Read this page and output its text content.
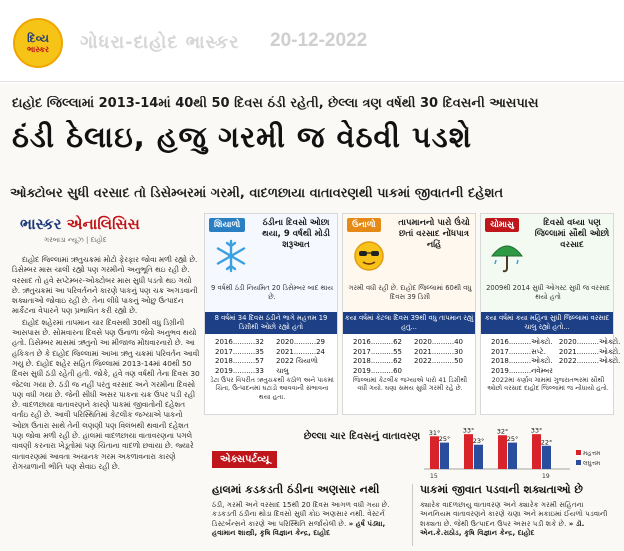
દિવ્ય
ભાસ્કર ગોધરા-દાહોદ ભાસ્કર 20-12-2022
દાહોદ જિલ્લામાં 2013-14માં 40થી 50 દિવસ ઠંડી રહેતી, છેલ્લા ત્રણ વર્ષથી 30 દિવસની આસપાસ
ઠંડી ઠેલાઇ, હજુ ગરમી જ વેઠવી પડશે
ઓક્ટોબર સુધી વરસાદ તો ડિસેમ્બરમાં ગરમી, વાદળછાયા વાતાવરણથી પાકમાં જીવાતની દહેશત
ભાસ્કર એનાલિસિસ
ગરબાડા ન્યૂઝ | દાહોદ

દાહોદ જિલ્લામાં ઋતુચક્રમાં મોટો ફેરફાર જોવા મળી રહ્યો છે. ડિસેમ્બર માસ ચાલી રહ્યો પણ ગરમીનો અનુભૂતિ થઇ રહી છે. વરસાદ તો હવે સપ્ટેમ્બર-ઓક્ટોબર માસ સુધી પડતો થઇ ગયો છે. ઋતુચક્રમાં આ પરિવર્તનને કારણે પાકનું પણ ચક્ર અગડવાની શક્યતાઓ જોવાઇ રહી છે. તેના લીધે પાકનું ઓછુ ઉત્પાદન માર્કેટના વેપારને પણ પ્રભાવિત કરી રહ્યો છે.

દાહોદ શહેરમાં તાપમાન ચાર દિવસથી 30થી વધુ ડિગ્રીની આસપાસ છે. સોમવારના દિવસે પણ ઉનાળા જેવો અનુભવ થયો હતો. ડિસેમ્બર માસમાં ઋતુનો આ મીજાજ મોંઘવારનારો છે. આ હકિકત છે કે દાહોદ જિલ્લામાં આખા ઋતુ ચક્રમાં પરિવર્તન આવી ગયુ છે. દાહોદ શહેર સહિત જિલ્લામાં 2013-14માં 40થી 50 દિવસ સુધી ઠંડી રહેતી હતી. જોકે, હવે ત્રણ વર્ષથી તેના દિવસ 30 જેટલા ગયા છે. ઠંડી જ નહીં પરંતુ વરસાદ અને ગરમીના દિવસો પણ વધી ગયા છે. જેની સીધી અસર પાકના ચક્ર ઉપર પડી રહી છે. વાદળછાયા વાતાવરણને કારણે પાકમાં જીવાતોની દહેશત વર્તાઇ રહી છે. આવી પરિસ્થિતિમાં કેટલીક જગ્યાએ પાકનો ઓછા ઉતારા સાથે તેની લણણી પણ વિલંબથી થવાની દહેશત પણ જોવા મળી રહી છે. હાલમાં વાદળછાયા વાતાવરણના પગલે વાવણી કરનારા ખેડૂતોમાં પણ ચિંતાના વાદળો છવાયા છે. જ્યારે વાતાવરણમાં આવતા અચાનક ગરમ અકળાવનારા કારણે રોગચાળાની ભીતિ પણ સેવાઇ રહી છે.

શિયાળો	ઠંડીના દિવસો ઓછા થયા, 9 વર્ષથી મોડી શરૂઆત
9 વર્ષથી ઠંડી નિયમિત 20 ડિસેમ્બર બાદ થાય છે.
8 વર્ષમાં 34 દિવસ ઠંડીને ભાગે મહત્તમ 19 ડિગ્રીથી ઓછો રહ્યો હતો
2016..........32	2020..........29
2017..........35	2021..........24
2018..........57	2022 ચિયાળો
2019..........33	ચાલુ
ડેટા ઉપર વિપરીત ઋતુચક્રથી કઠોળ અને પાકમાં ચિંતા, ઉત્પાદનમાં ઘટાડો આવવાની સંભાવના થયા હતા.
ઉનાળો	તાપમાનનો પારો ઉંચો છતાં વરસાદ નોંધપાત્ર નહિં
ગરમી વધી રહી છે. દાહોદ જિલ્લામાં 60થી વધુ દિવસ 39 ડિગ્રી
કયા વર્ષમાં કેટલા દિવસ 39થી વધુ તાપમાન રહ્યું હતુ...
2016..........62	2020..........40
2017..........55	2021..........30
2018..........62	2022..........50
2019..........60
જિલ્લામાં કેટલીક જગ્યાએ પારો 41 ડિગ્રીથી વધી ગયો. ઘણા સમય સુધી ગરમી રહે છે.
ચોમાસુ	દિવસો વધ્યા પણ જિલ્લામાં સૌથી ઓછો વરસાદ
2009થી 2014 સુધી ઓગસ્ટ સુધી જ વરસાદ થયો હતો
કયા વર્ષમાં કયા મહિના સુધી જિલ્લામાં વરસાદ ચાલુ રહ્યો હતો...
2016..........ઓક્ટો. 2020..........ઓક્ટો.
2017..........સપ્ટે.	2021..........ઓક્ટો.
2018..........ઓક્ટો. 2022..........ઓક્ટો.
2019..........નવેમ્બર
2022માં કર્ણાવ ગામમાં ગુજરાતભરમાં સૌથી ઓછો વરસાદ દાહોદ જિલ્લામાં જ નોંધાયો હતો.
એક્સપર્ટવ્યૂ
છેલ્લા ચાર દિવસનું વાતાવરણ 31°
25°
33°
23°
32°
25°
33°
22°
15	19
મહત્તમ
લઘુત્તમ
હાલમાં કડકડતી ઠંડીના અણસાર નથી
ઠંડી, ગરમી અને વરસાદ 15થી 20 દિવસ આગળ વધી ગયા છે. કડકડતી ઠંડીના થોડા દિવસો સુધી કોઇ અણસાર નથી. વેસ્ટર્ન ડિસ્ટર્બન્સને કારણે આ પરિસ્થિતિ સર્જાયેલી છે. » હર્ષ પંડ્યા, હવામાન શાસ્ત્રી, કૃષિ વિજ્ઞાન કેન્દ્ર, દાહોદ
પાકમાં જીવાત પડવાની શક્યતાઓ છે
ક્યારેક વાદળછાયુ વાતાવરણ અને ક્યારેક ગરમી સહિતના અનનિયમ વાતાવરણને કારણે ચણા અને મકાઇમાં ઈયળો પડવાની શક્યતા છે. જેથી ઉત્પાદન ઉપર અસર પડી શકે છે. » ડૉ. એન.કે.રાઠોડ, કૃષિ વિજ્ઞાન કેન્દ્ર, દાહોદ
